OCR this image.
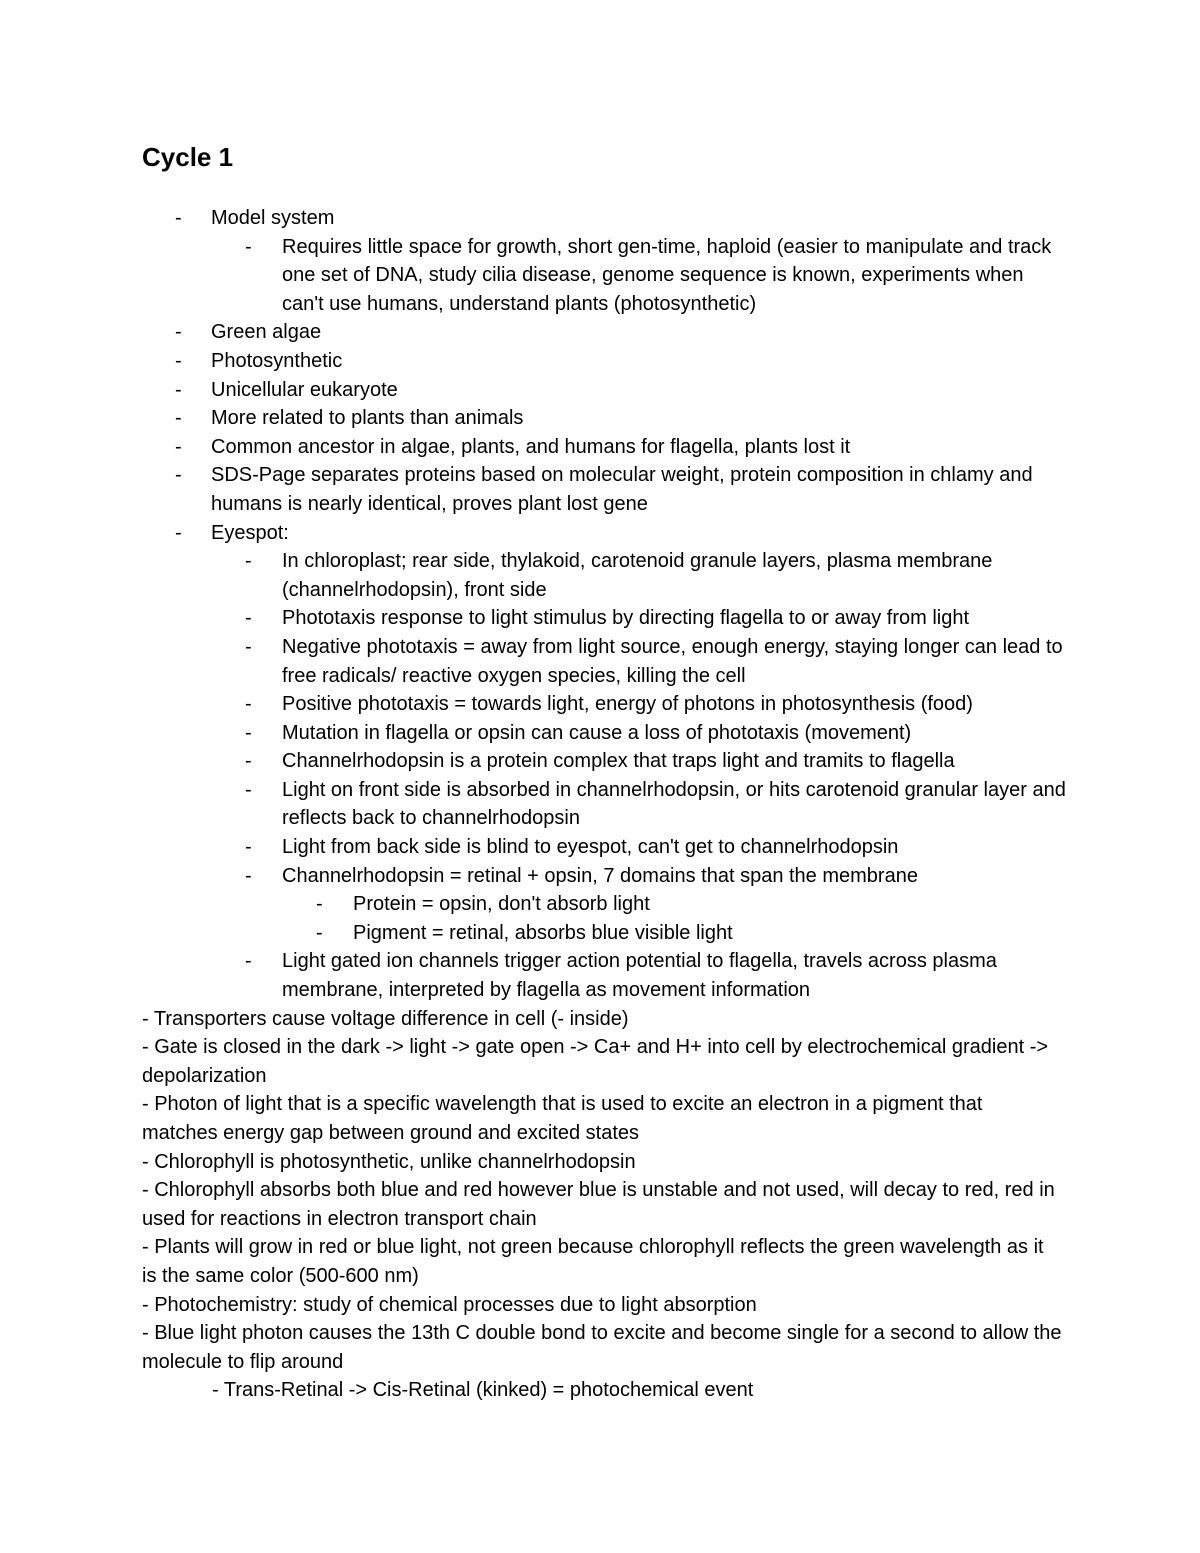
Cycle 1
- Model system
- Requires little space for growth, short gen-time, haploid (easier to manipulate and track one set of DNA, study cilia disease, genome sequence is known, experiments when can't use humans, understand plants (photosynthetic)
- Green algae
- Photosynthetic
- Unicellular eukaryote
- More related to plants than animals
- Common ancestor in algae, plants, and humans for flagella, plants lost it
- SDS-Page separates proteins based on molecular weight, protein composition in chlamy and humans is nearly identical, proves plant lost gene
- Eyespot:
- In chloroplast; rear side, thylakoid, carotenoid granule layers, plasma membrane (channelrhodopsin), front side
- Phototaxis response to light stimulus by directing flagella to or away from light
- Negative phototaxis = away from light source, enough energy, staying longer can lead to free radicals/ reactive oxygen species, killing the cell
- Positive phototaxis = towards light, energy of photons in photosynthesis (food)
- Mutation in flagella or opsin can cause a loss of phototaxis (movement)
- Channelrhodopsin is a protein complex that traps light and tramits to flagella
- Light on front side is absorbed in channelrhodopsin, or hits carotenoid granular layer and reflects back to channelrhodopsin
- Light from back side is blind to eyespot, can't get to channelrhodopsin
- Channelrhodopsin = retinal + opsin, 7 domains that span the membrane
- Protein = opsin, don't absorb light
- Pigment = retinal, absorbs blue visible light
- Light gated ion channels trigger action potential to flagella, travels across plasma membrane, interpreted by flagella as movement information

- Transporters cause voltage difference in cell (- inside)

- Gate is closed in the dark -> light -> gate open -> Ca+ and H+ into cell by electrochemical gradient -> depolarization

- Photon of light that is a specific wavelength that is used to excite an electron in a pigment that matches energy gap between ground and excited states

- Chlorophyll is photosynthetic, unlike channelrhodopsin

- Chlorophyll absorbs both blue and red however blue is unstable and not used, will decay to red, red in used for reactions in electron transport chain

- Plants will grow in red or blue light, not green because chlorophyll reflects the green wavelength as it is the same color (500-600 nm)

- Photochemistry: study of chemical processes due to light absorption

- Blue light photon causes the 13th C double bond to excite and become single for a second to allow the molecule to flip around

- Trans-Retinal -> Cis-Retinal (kinked) = photochemical event
